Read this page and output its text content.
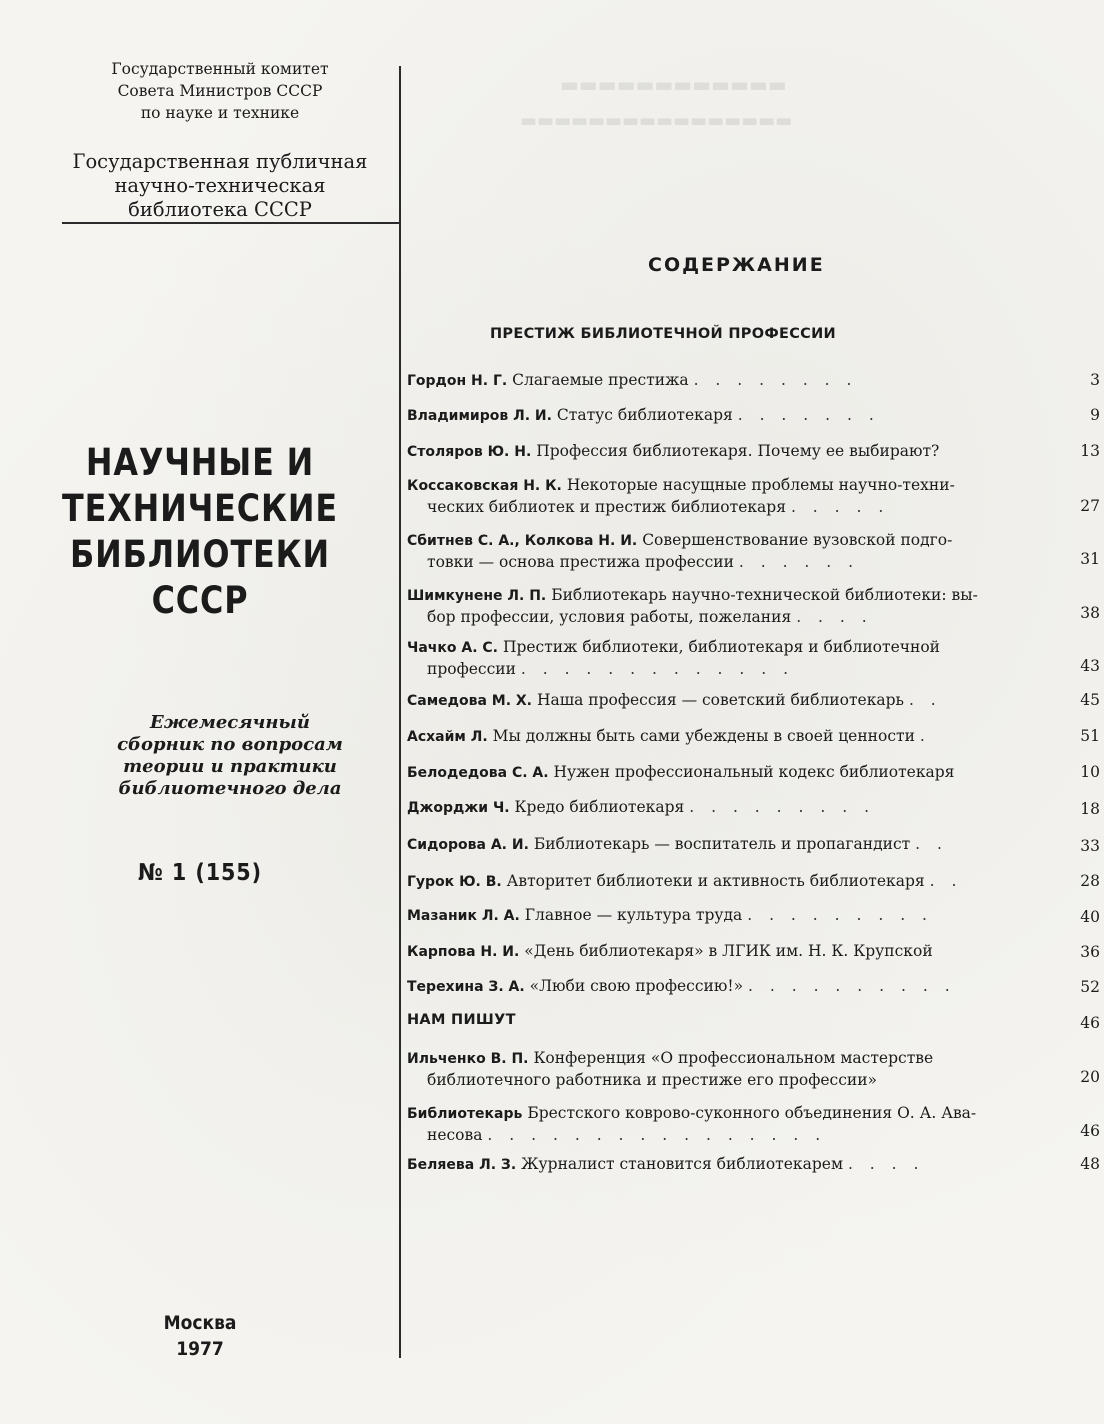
▬▬▬▬▬▬▬▬▬▬▬▬
▬▬▬▬▬▬▬▬▬▬▬▬▬▬▬▬
Государственный комитет
Совета Министров СССР
по науке и технике
Государственная публичная
научно-техническая
библиотека СССР
НАУЧНЫЕ И
ТЕХНИЧЕСКИЕ
БИБЛИОТЕКИ
СССР
Ежемесячный
сборник по вопросам
теории и практики
библиотечного дела
№ 1 (155)
Москва
1977
СОДЕРЖАНИЕ
ПРЕСТИЖ БИБЛИОТЕЧНОЙ ПРОФЕССИИ
Гордон Н. Г. Слагаемые престижа . . . . . . . .	3
Владимиров Л. И. Статус библиотекаря . . . . . . .	9
Столяров Ю. Н. Профессия библиотекаря. Почему ее выбирают?	13
Коссаковская Н. К. Некоторые насущные проблемы научно-техни-
ческих библиотек и престиж библиотекаря . . . . .	27
Сбитнев С. А., Колкова Н. И. Совершенствование вузовской подго-
товки — основа престижа профессии . . . . . .	31
Шимкунене Л. П. Библиотекарь научно-технической библиотеки: вы-
бор профессии, условия работы, пожелания . . . .	38
Чачко А. С. Престиж библиотеки, библиотекаря и библиотечной
профессии . . . . . . . . . . . . .	43
Самедова М. Х. Наша профессия — советский библиотекарь . .	45
Асхайм Л. Мы должны быть сами убеждены в своей ценности .	51
Белодедова С. А. Нужен профессиональный кодекс библиотекаря	10
Джорджи Ч. Кредо библиотекаря . . . . . . . . .	18
Сидорова А. И. Библиотекарь — воспитатель и пропагандист . .	33
Гурок Ю. В. Авторитет библиотеки и активность библиотекаря . .	28
Мазаник Л. А. Главное — культура труда . . . . . . . . .	40
Карпова Н. И. «День библиотекаря» в ЛГИК им. Н. К. Крупской	36
Терехина З. А. «Люби свою профессию!» . . . . . . . . . .	52
НАМ ПИШУТ	46
Ильченко В. П. Конференция «О профессиональном мастерстве
библиотечного работника и престиже его профессии»	20
Библиотекарь Брестского коврово-суконного объединения О. А. Ава-
несова . . . . . . . . . . . . . . . .	46
Беляева Л. З. Журналист становится библиотекарем . . . .	48
